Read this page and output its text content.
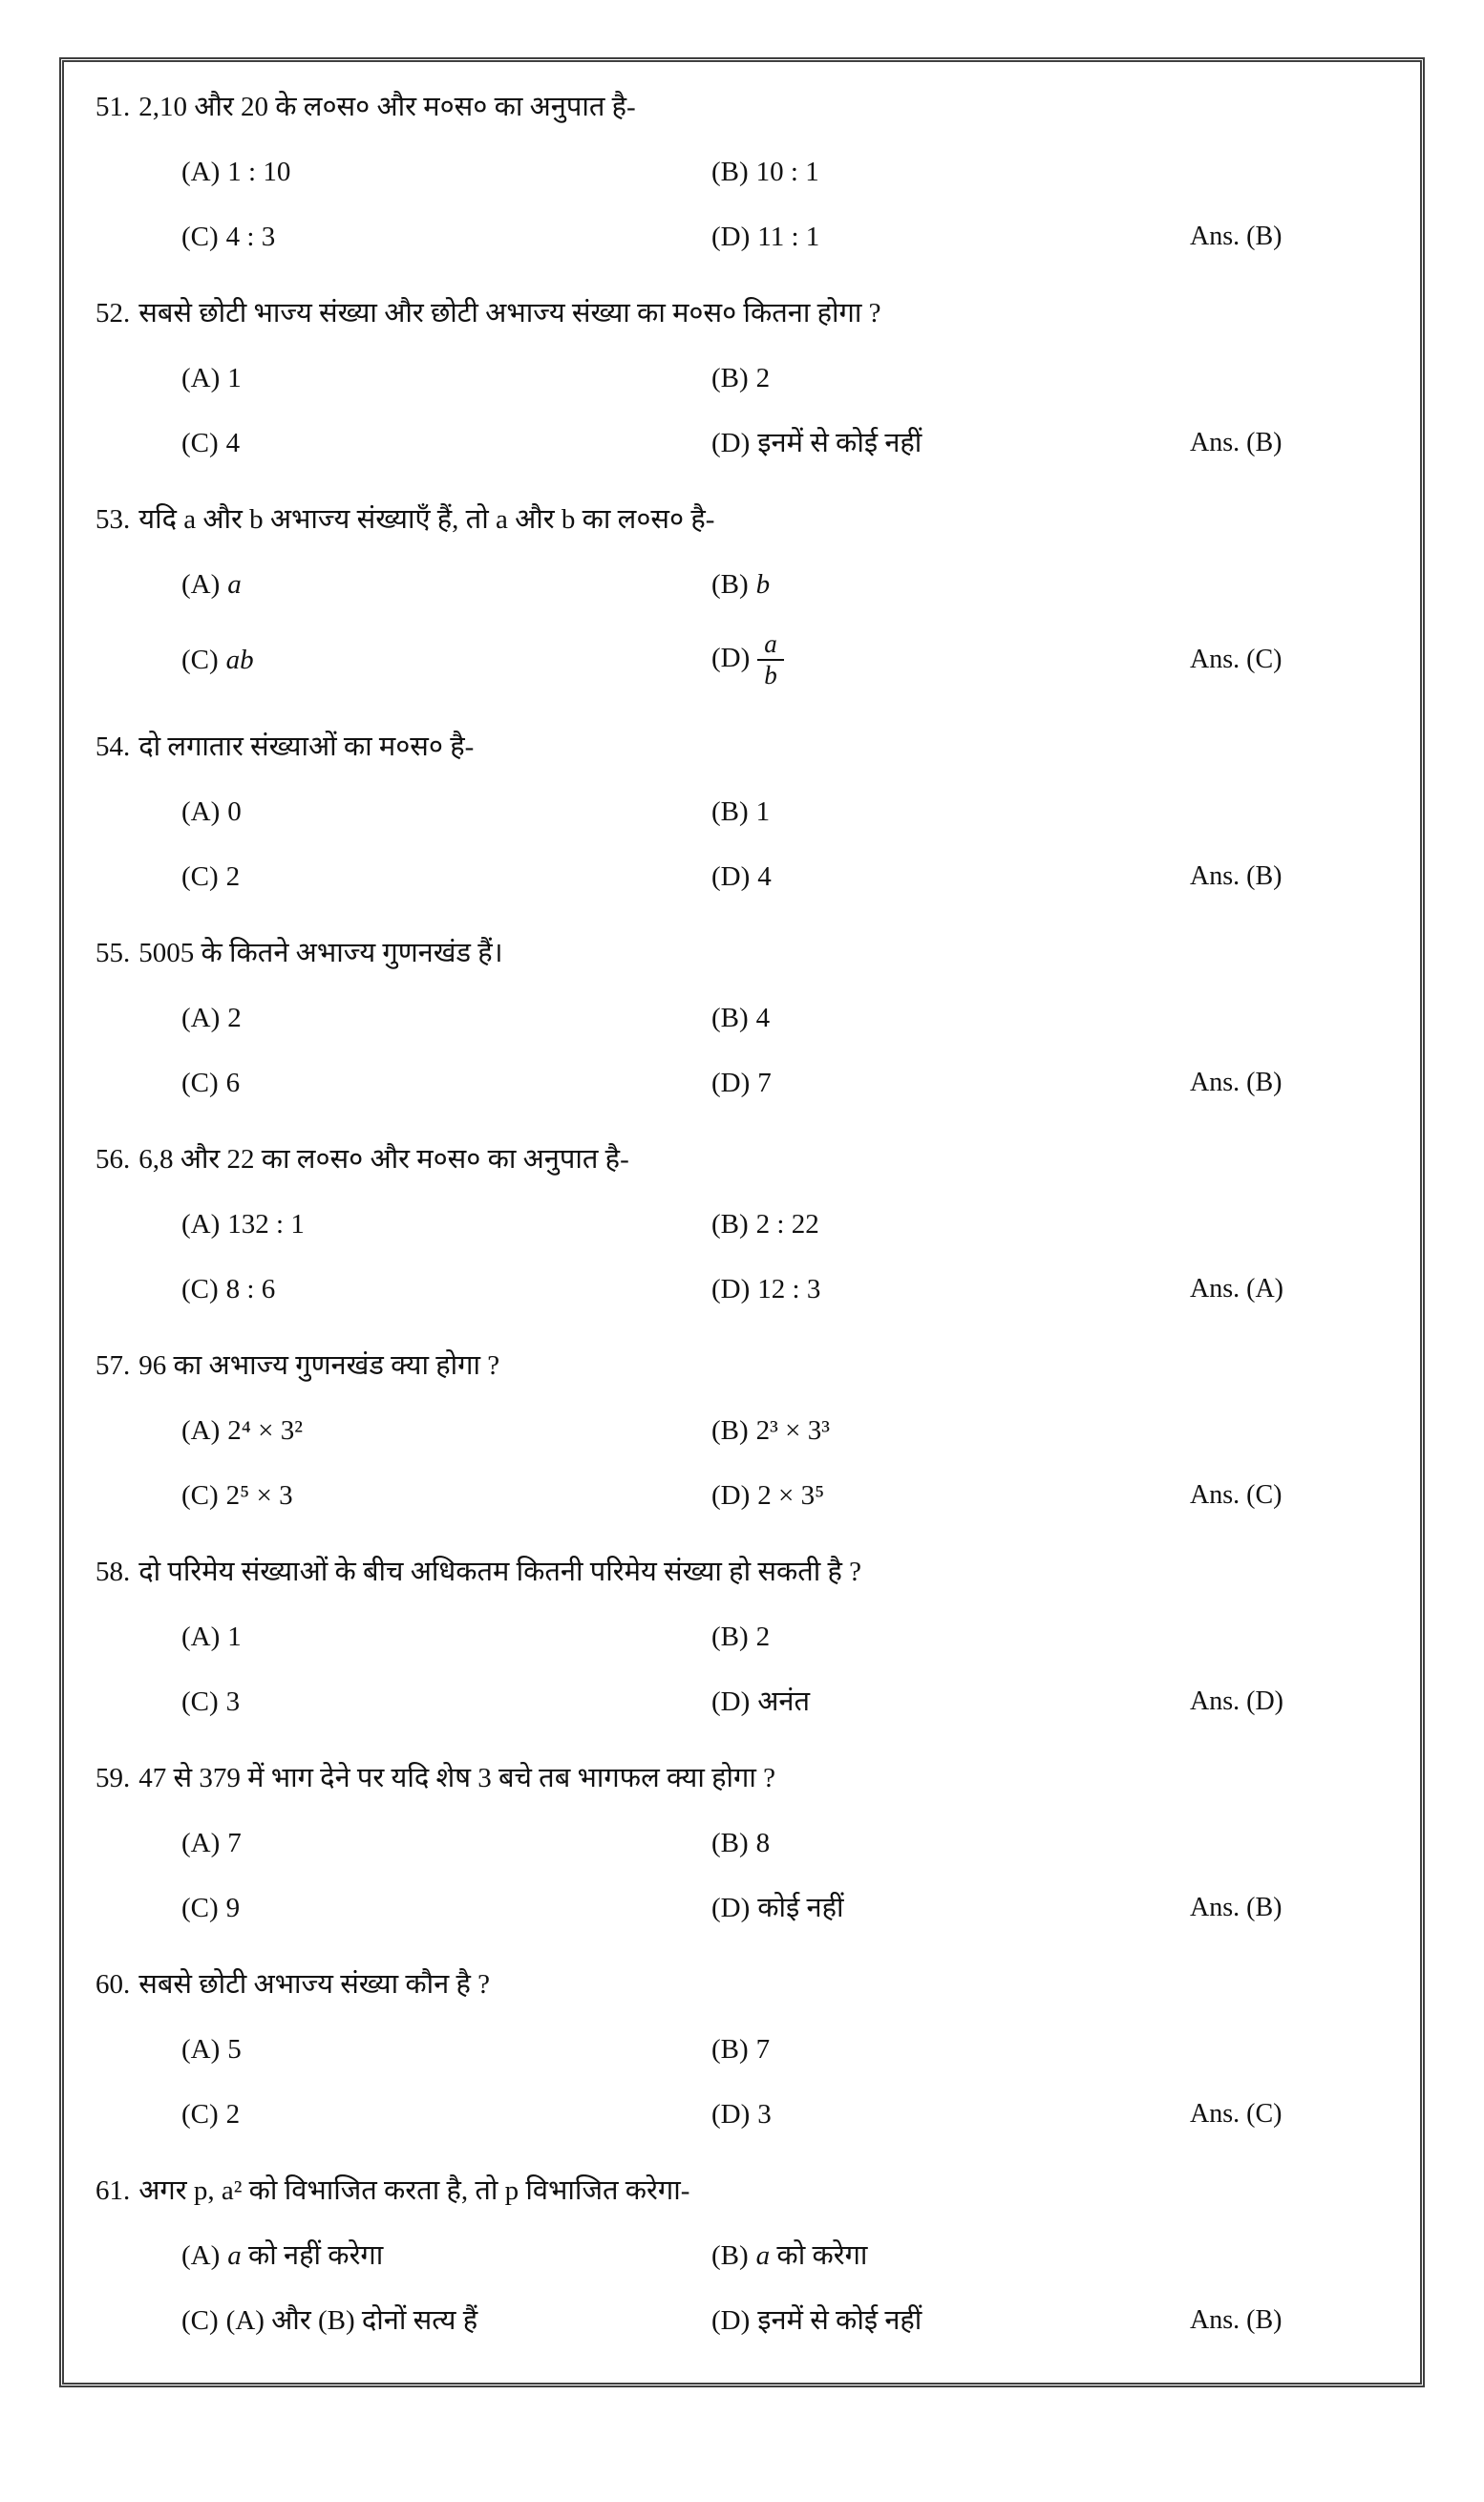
51. 2,10 और 20 के ल०स० और म०स० का अनुपात है-

(A) 1 : 10	(B) 10 : 1
(C) 4 : 3	(D) 11 : 1	Ans. (B)

52. सबसे छोटी भाज्य संख्या और छोटी अभाज्य संख्या का म०स० कितना होगा ?

(A) 1	(B) 2
(C) 4	(D) इनमें से कोई नहीं	Ans. (B)

53. यदि a और b अभाज्य संख्याएँ हैं, तो a और b का ल०स० है-

(A) a	(B) b
(C) ab	$(D) \frac{a}{b}$	Ans. (C)

54. दो लगातार संख्याओं का म०स० है-

(A) 0	(B) 1
(C) 2	(D) 4	Ans. (B)

55. 5005 के कितने अभाज्य गुणनखंड हैं।

(A) 2	(B) 4
(C) 6	(D) 7	Ans. (B)

56. 6,8 और 22 का ल०स० और म०स० का अनुपात है-

(A) 132 : 1	(B) 2 : 22
(C) 8 : 6	(D) 12 : 3	Ans. (A)

57. 96 का अभाज्य गुणनखंड क्या होगा ?

(A) 2⁴ × 3²	(B) 2³ × 3³
(C) 2⁵ × 3	(D) 2 × 3⁵	Ans. (C)

58. दो परिमेय संख्याओं के बीच अधिकतम कितनी परिमेय संख्या हो सकती है ?

(A) 1	(B) 2
(C) 3	(D) अनंत	Ans. (D)

59. 47 से 379 में भाग देने पर यदि शेष 3 बचे तब भागफल क्या होगा ?

(A) 7	(B) 8
(C) 9	(D) कोई नहीं	Ans. (B)

60. सबसे छोटी अभाज्य संख्या कौन है ?

(A) 5	(B) 7
(C) 2	(D) 3	Ans. (C)

61. अगर p, a² को विभाजित करता है, तो p विभाजित करेगा-

(A) a को नहीं करेगा	(B) a को करेगा
(C) (A) और (B) दोनों सत्य हैं	(D) इनमें से कोई नहीं	Ans. (B)
